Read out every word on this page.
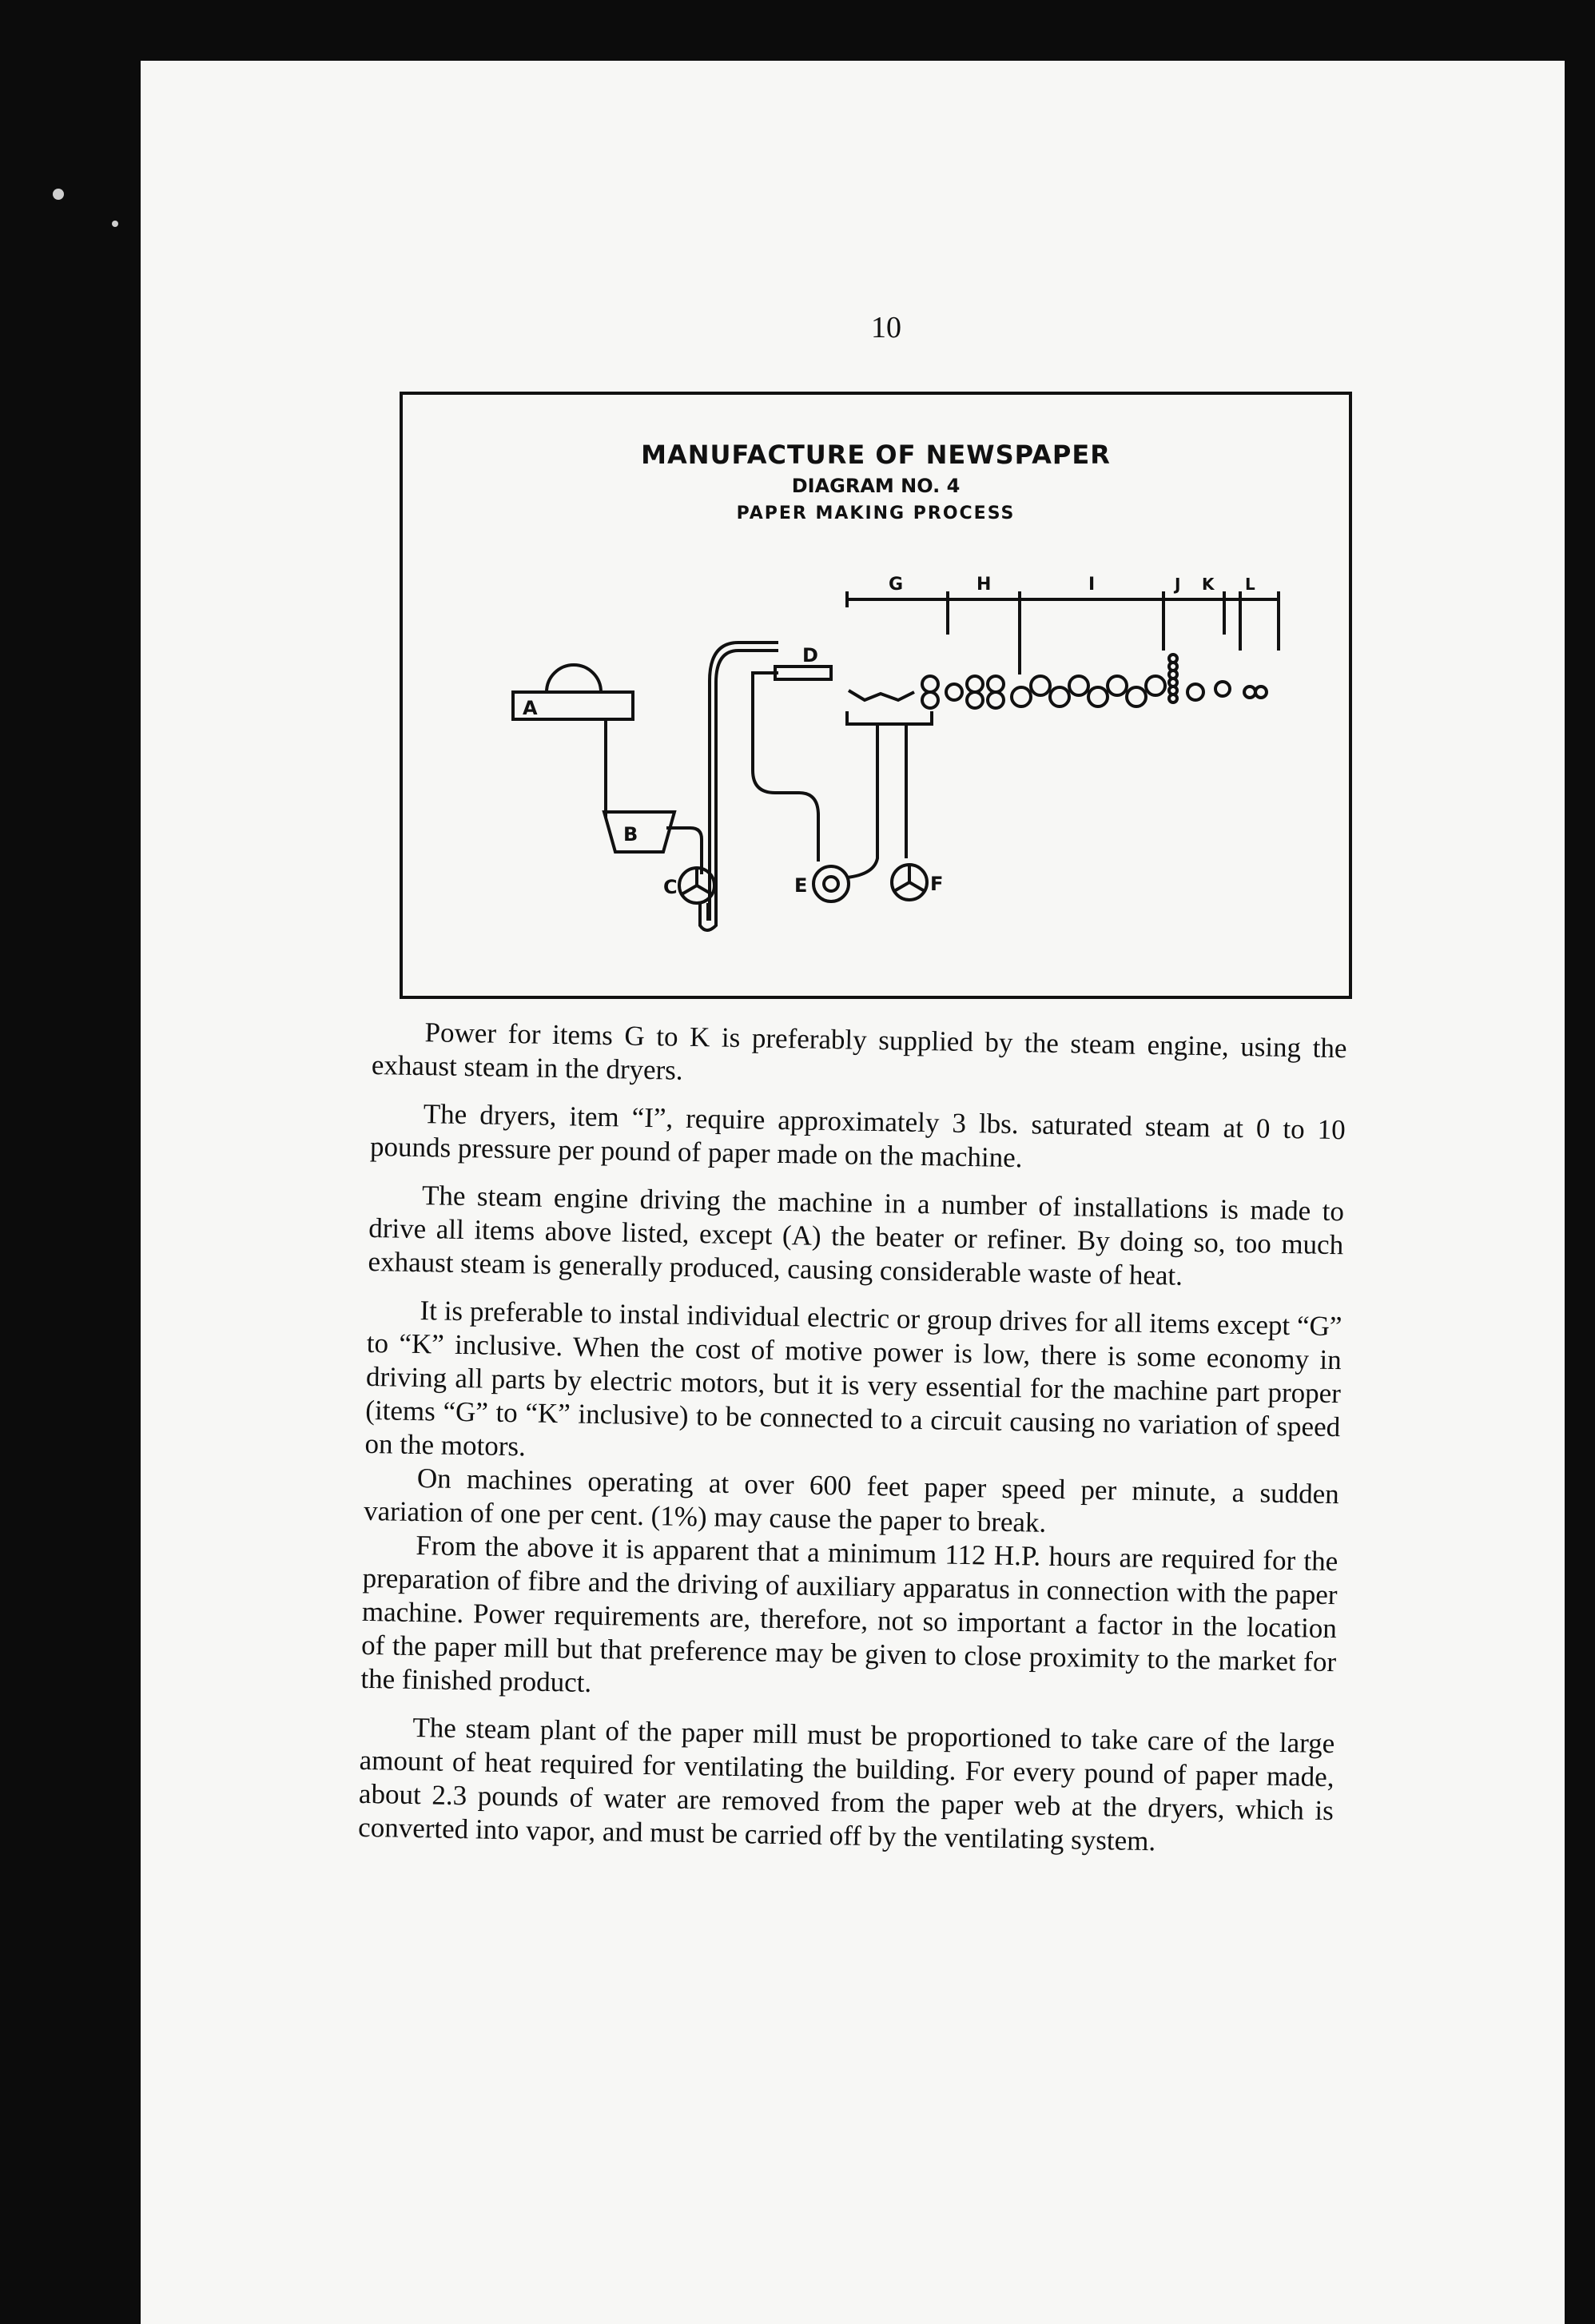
10
MANUFACTURE OF NEWSPAPER
DIAGRAM NO. 4
PAPER MAKING PROCESS
A
B
C
D
E	F
G	H	I	J K L

Power for items G to K is preferably supplied by the steam engine, using the exhaust steam in the dryers.

The dryers, item “I”, require approximately 3 lbs. saturated steam at 0 to 10 pounds pressure per pound of paper made on the machine.

The steam engine driving the machine in a number of installations is made to drive all items above listed, except (A) the beater or refiner. By doing so, too much exhaust steam is generally produced, causing considerable waste of heat.

It is preferable to instal individual electric or group drives for all items except “G” to “K” inclusive. When the cost of motive power is low, there is some economy in driving all parts by electric motors, but it is very essential for the machine part proper (items “G” to “K” inclusive) to be connected to a circuit causing no variation of speed on the motors.

On machines operating at over 600 feet paper speed per minute, a sudden variation of one per cent. (1%) may cause the paper to break.

From the above it is apparent that a minimum 112 H.P. hours are required for the preparation of fibre and the driving of auxiliary apparatus in connection with the paper machine. Power requirements are, therefore, not so important a factor in the location of the paper mill but that preference may be given to close proximity to the market for the finished product.

The steam plant of the paper mill must be proportioned to take care of the large amount of heat required for ventilating the building. For every pound of paper made, about 2.3 pounds of water are removed from the paper web at the dryers, which is converted into vapor, and must be carried off by the ventilating system.
